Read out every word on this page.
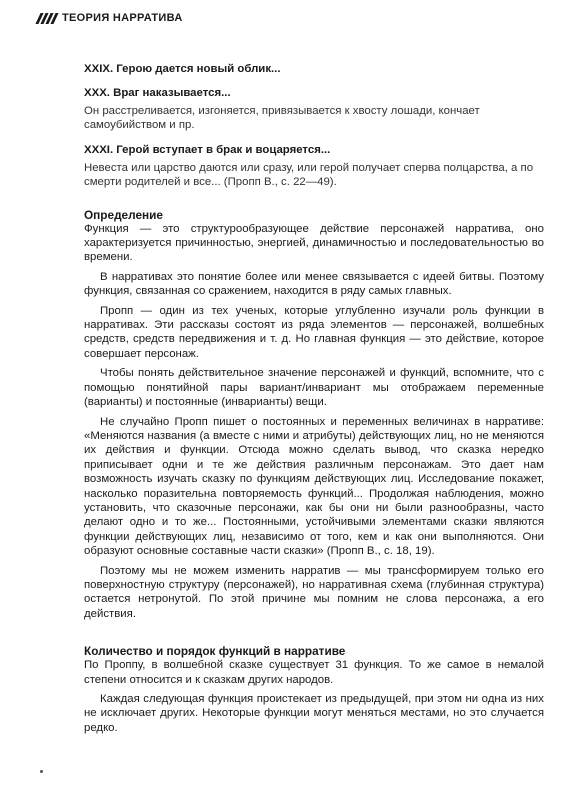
ТЕОРИЯ НАРРАТИВА
XXIX. Герою дается новый облик...
XXX. Враг наказывается...
Он расстреливается, изгоняется, привязывается к хвосту лошади, кончает самоубийством и пр.
XXXI. Герой вступает в брак и воцаряется...
Невеста или царство даются или сразу, или герой получает сперва полцарства, а по смерти родителей и все... (Пропп В., с. 22—49).
Определение

Функция — это структурообразующее действие персонажей нарратива, оно характеризуется причинностью, энергией, динамичностью и последовательностью во времени.

В нарративах это понятие более или менее связывается с идеей битвы. Поэтому функция, связанная со сражением, находится в ряду самых главных.

Пропп — один из тех ученых, которые углубленно изучали роль функции в нарративах. Эти рассказы состоят из ряда элементов — персонажей, волшебных средств, средств передвижения и т. д. Но главная функция — это действие, которое совершает персонаж.

Чтобы понять действительное значение персонажей и функций, вспомните, что с помощью понятийной пары вариант/инвариант мы отображаем переменные (варианты) и постоянные (инварианты) вещи.

Не случайно Пропп пишет о постоянных и переменных величинах в нарративе: «Меняются названия (а вместе с ними и атрибуты) действующих лиц, но не меняются их действия и функции. Отсюда можно сделать вывод, что сказка нередко приписывает одни и те же действия различным персонажам. Это дает нам возможность изучать сказку по функциям действующих лиц. Исследование покажет, насколько поразительна повторяемость функций... Продолжая наблюдения, можно установить, что сказочные персонажи, как бы они ни были разнообразны, часто делают одно и то же... Постоянными, устойчивыми элементами сказки являются функции действующих лиц, независимо от того, кем и как они выполняются. Они образуют основные составные части сказки» (Пропп В., с. 18, 19).

Поэтому мы не можем изменить нарратив — мы трансформируем только его поверхностную структуру (персонажей), но нарративная схема (глубинная структура) остается нетронутой. По этой причине мы помним не слова персонажа, а его действия.

Количество и порядок функций в нарративе

По Проппу, в волшебной сказке существует 31 функция. То же самое в немалой степени относится и к сказкам других народов.

Каждая следующая функция проистекает из предыдущей, при этом ни одна из них не исключает других. Некоторые функции могут меняться местами, но это случается редко.
